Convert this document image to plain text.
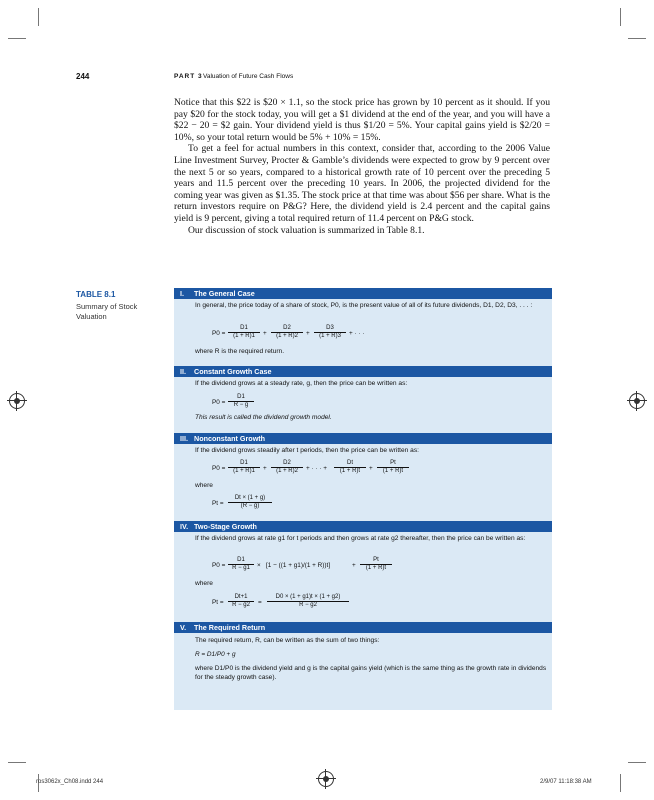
244	PART 3 Valuation of Future Cash Flows

Notice that this $22 is $20 × 1.1, so the stock price has grown by 10 percent as it should. If you pay $20 for the stock today, you will get a $1 dividend at the end of the year, and you will have a $22 − 20 = $2 gain. Your dividend yield is thus $1/20 = 5%. Your capital gains yield is $2/20 = 10%, so your total return would be 5% + 10% = 15%.

To get a feel for actual numbers in this context, consider that, according to the 2006 Value Line Investment Survey, Procter & Gamble’s dividends were expected to grow by 9 percent over the next 5 or so years, compared to a historical growth rate of 10 percent over the preceding 5 years and 11.5 percent over the preceding 10 years. In 2006, the projected dividend for the coming year was given as $1.35. The stock price at that time was about $56 per share. What is the return investors require on P&G? Here, the dividend yield is 2.4 percent and the capital gains yield is 9 percent, giving a total required return of 11.4 percent on P&G stock.

Our discussion of stock valuation is summarized in Table 8.1.

TABLE 8.1
Summary of Stock Valuation
I. The General Case
In general, the price today of a share of stock, P0, is the present value of all of its future dividends, D1, D2, D3, . . . :
$P0 = \frac{D1}{(1 + R)1} + \frac{D2}{(1 + R)2} + \frac{D3}{(1 + R)3}$ + · · ·
where R is the required return.
II. Constant Growth Case
If the dividend grows at a steady rate, g, then the price can be written as:
$P0 = \frac{D1}{R - g}$
This result is called the dividend growth model.
III. Nonconstant Growth
If the dividend grows steadily after t periods, then the price can be written as:
$P0 = \frac{D1}{(1 + R)1} + \frac{D2}{(1 + R)2}$ + · · · + $\frac{Dt}{(1 + R)t} + \frac{Pt}{(1 + R)t}$
where
$Pt = \frac{Dt \times (1 + g)}{(R - g)}$
IV. Two-Stage Growth
If the dividend grows at rate g1 for t periods and then grows at rate g2 thereafter, then the price can be written as:
$P0 = \frac{D1}{R - g1} \times [1 - ((1 + g1)/(1 + R))t]$	+ $\frac{Pt}{(1 + R)t}$
where
$Pt = \frac{Dt+1}{R - g2} = \frac{D0 \times (1 + g1)t \times (1 + g2)}{R - g2}$
V. The Required Return
The required return, R, can be written as the sum of two things:
R = D1/P0 + g
where D1/P0 is the dividend yield and g is the capital gains yield (which is the same thing as the growth rate in dividends for the steady growth case).
ros3062x_Ch08.indd 244	2/9/07 11:18:38 AM
